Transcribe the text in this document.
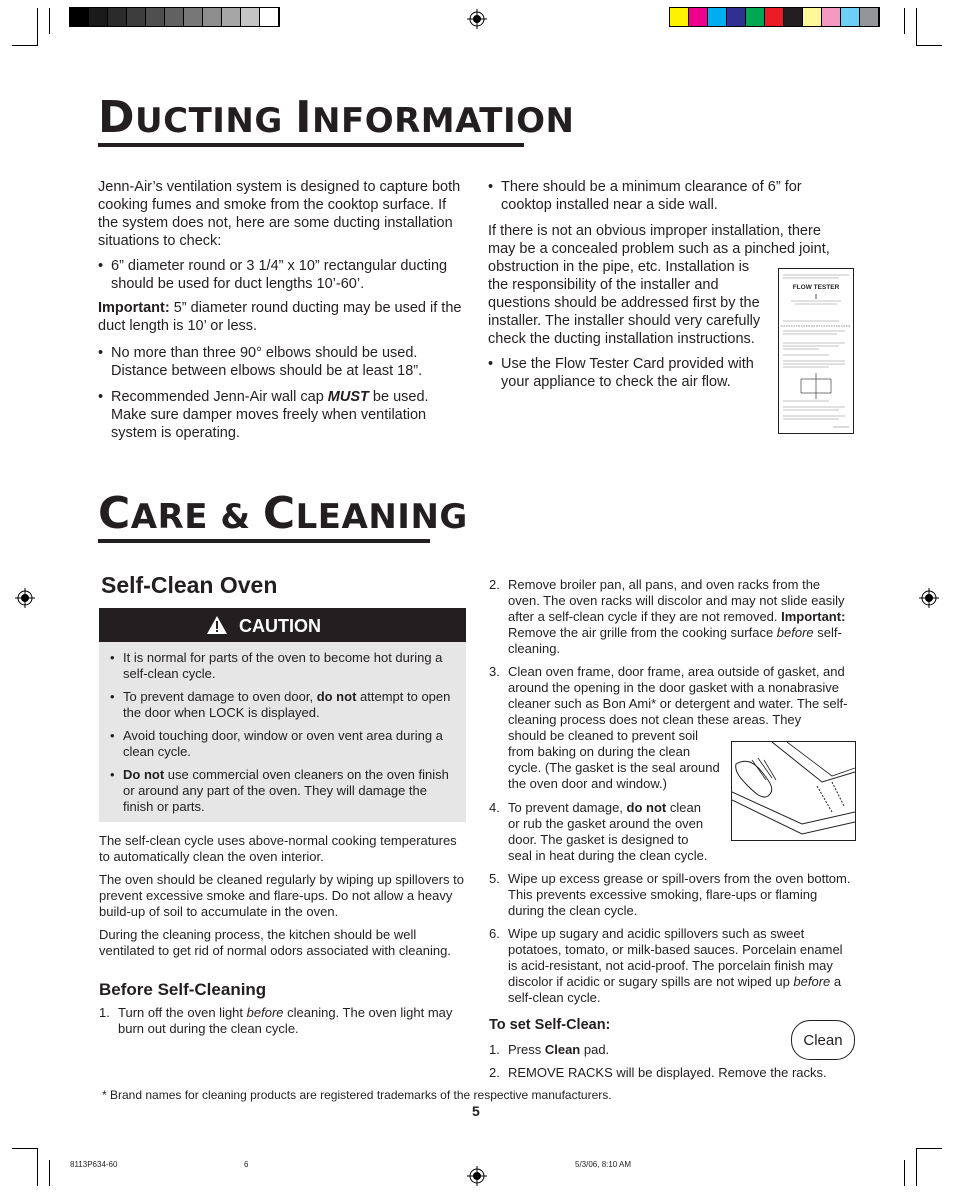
DUCTING INFORMATION

Jenn-Air’s ventilation system is designed to capture both cooking fumes and smoke from the cooktop surface. If the system does not, here are some ducting installation situations to check:

• 6” diameter round or 3 1/4” x 10” rectangular ducting should be used for duct lengths 10’-60’.

Important: 5” diameter round ducting may be used if the duct length is 10’ or less.

• No more than three 90° elbows should be used. Distance between elbows should be at least 18”.
• Recommended Jenn-Air wall cap MUST be used. Make sure damper moves freely when ventilation system is operating.
• There should be a minimum clearance of 6” for cooktop installed near a side wall.

If there is not an obvious improper installation, there may be a concealed problem such as a pinched joint,
obstruction in the pipe, etc. Installation is the responsibility of the installer and questions should be addressed first by the installer. The installer should very carefully check the ducting installation instructions.

• Use the Flow Tester Card provided with your appliance to check the air flow.
FLOW TESTER
CARE & CLEANING
Self-Clean Oven
CAUTION
• It is normal for parts of the oven to become hot during a self-clean cycle.
• To prevent damage to oven door, do not attempt to open the door when LOCK is displayed.
• Avoid touching door, window or oven vent area during a clean cycle.
• Do not use commercial oven cleaners on the oven finish or around any part of the oven. They will damage the finish or parts.

The self-clean cycle uses above-normal cooking temperatures to automatically clean the oven interior.

The oven should be cleaned regularly by wiping up spillovers to prevent excessive smoke and flare-ups. Do not allow a heavy build-up of soil to accumulate in the oven.

During the cleaning process, the kitchen should be well ventilated to get rid of normal odors associated with cleaning.

Before Self-Cleaning
1. Turn off the oven light before cleaning. The oven light may burn out during the clean cycle.
2. Remove broiler pan, all pans, and oven racks from the oven. The oven racks will discolor and may not slide easily after a self-clean cycle if they are not removed. Important: Remove the air grille from the cooking surface before self-cleaning.
3. Clean oven frame, door frame, area outside of gasket, and around the opening in the door gasket with a nonabrasive cleaner such as Bon Ami* or detergent and water. The self-cleaning process does not clean these areas. They
should be cleaned to prevent soil from baking on during the clean cycle. (The gasket is the seal around the oven door and window.)
4. To prevent damage, do not clean or rub the gasket around the oven door. The gasket is designed to seal in heat during the clean cycle.
5. Wipe up excess grease or spill-overs from the oven bottom. This prevents excessive smoking, flare-ups or flaming during the clean cycle.
6. Wipe up sugary and acidic spillovers such as sweet potatoes, tomato, or milk-based sauces. Porcelain enamel is acid-resistant, not acid-proof. The porcelain finish may discolor if acidic or sugary spills are not wiped up before a self-clean cycle.
To set Self-Clean:
1. Press Clean pad.
2. REMOVE RACKS will be displayed. Remove the racks.
Clean

* Brand names for cleaning products are registered trademarks of the respective manufacturers.

5

8113P634-60	6	5/3/06, 8:10 AM
